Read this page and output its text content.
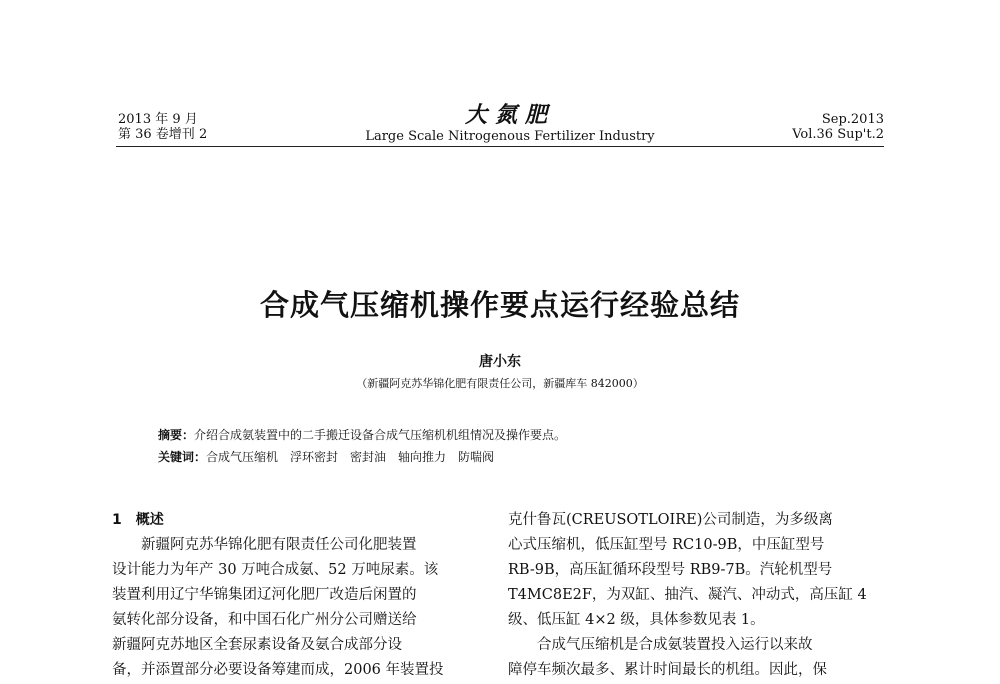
2013 年 9 月
第 36 卷增刊 2
大氮肥
Large Scale Nitrogenous Fertilizer Industry
Sep.2013
Vol.36 Sup't.2
合成气压缩机操作要点运行经验总结
唐小东
（新疆阿克苏华锦化肥有限责任公司，新疆库车 842000）
摘要：介绍合成氨装置中的二手搬迁设备合成气压缩机机组情况及操作要点。
关键词：合成气压缩机　浮环密封　密封油　轴向推力　防喘阀
1　概述
新疆阿克苏华锦化肥有限责任公司化肥装置
设计能力为年产 30 万吨合成氨、52 万吨尿素。该
装置利用辽宁华锦集团辽河化肥厂改造后闲置的
氨转化部分设备，和中国石化广州分公司赠送给
新疆阿克苏地区全套尿素设备及氨合成部分设
备，并添置部分必要设备筹建而成，2006 年装置投
克什鲁瓦(CREUSOTLOIRE)公司制造，为多级离
心式压缩机，低压缸型号 RC10-9B，中压缸型号
RB-9B，高压缸循环段型号 RB9-7B。汽轮机型号
T4MC8E2F，为双缸、抽汽、凝汽、冲动式，高压缸 4
级、低压缸 4×2 级，具体参数见表 1。
合成气压缩机是合成氨装置投入运行以来故
障停车频次最多、累计时间最长的机组。因此，保
